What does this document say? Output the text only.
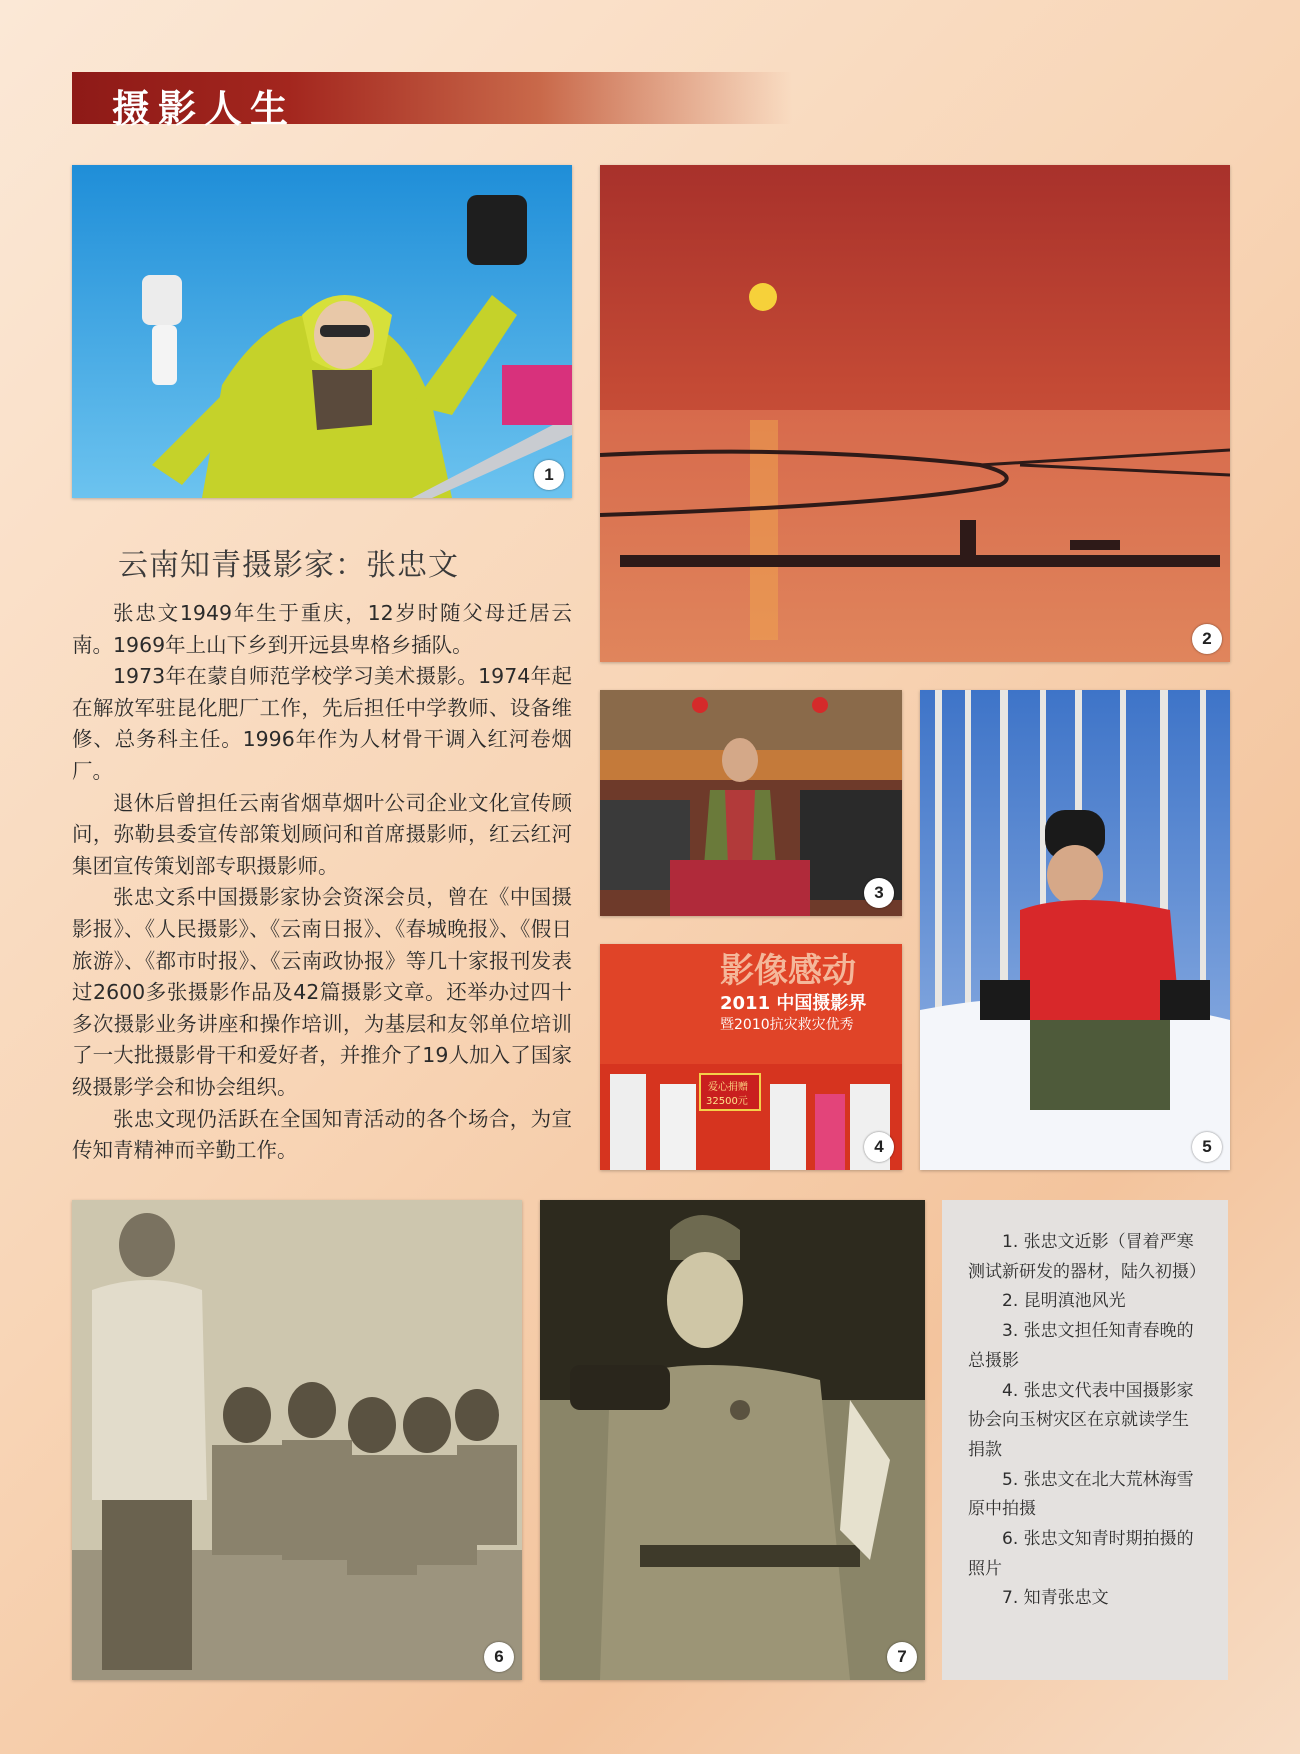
摄影人生
1
2
3
影像感动
2011 中国摄影界
暨2010抗灾救灾优秀
爱心捐赠
32500元
4	5
云南知青摄影家：张忠文

张忠文1949年生于重庆，12岁时随父母迁居云南。1969年上山下乡到开远县卑格乡插队。

1973年在蒙自师范学校学习美术摄影。1974年起在解放军驻昆化肥厂工作，先后担任中学教师、设备维修、总务科主任。1996年作为人材骨干调入红河卷烟厂。

退休后曾担任云南省烟草烟叶公司企业文化宣传顾问，弥勒县委宣传部策划顾问和首席摄影师，红云红河集团宣传策划部专职摄影师。

张忠文系中国摄影家协会资深会员，曾在《中国摄影报》、《人民摄影》、《云南日报》、《春城晚报》、《假日旅游》、《都市时报》、《云南政协报》等几十家报刊发表过2600多张摄影作品及42篇摄影文章。还举办过四十多次摄影业务讲座和操作培训，为基层和友邻单位培训了一大批摄影骨干和爱好者，并推介了19人加入了国家级摄影学会和协会组织。

张忠文现仍活跃在全国知青活动的各个场合，为宣传知青精神而辛勤工作。

6	7

1. 张忠文近影（冒着严寒测试新研发的器材，陆久初摄）

2. 昆明滇池风光

3. 张忠文担任知青春晚的总摄影

4. 张忠文代表中国摄影家协会向玉树灾区在京就读学生捐款

5. 张忠文在北大荒林海雪原中拍摄

6. 张忠文知青时期拍摄的照片

7. 知青张忠文
